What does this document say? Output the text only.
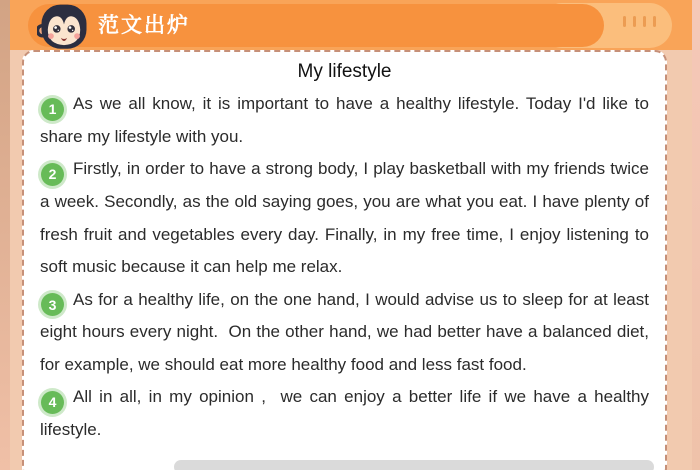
范文出炉
My lifestyle

1 As we all know, it is important to have a healthy lifestyle. Today I'd like to share my lifestyle with you.

2 Firstly, in order to have a strong body, I play basketball with my friends twice a week. Secondly, as the old saying goes, you are what you eat. I have plenty of fresh fruit and vegetables every day. Finally, in my free time, I enjoy listening to soft music because it can help me relax.

3 As for a healthy life, on the one hand, I would advise us to sleep for at least eight hours every night.  On the other hand, we had better have a balanced diet, for example, we should eat more healthy food and less fast food.

4 All in all, in my opinion ,  we can enjoy a better life if we have a healthy lifestyle.
